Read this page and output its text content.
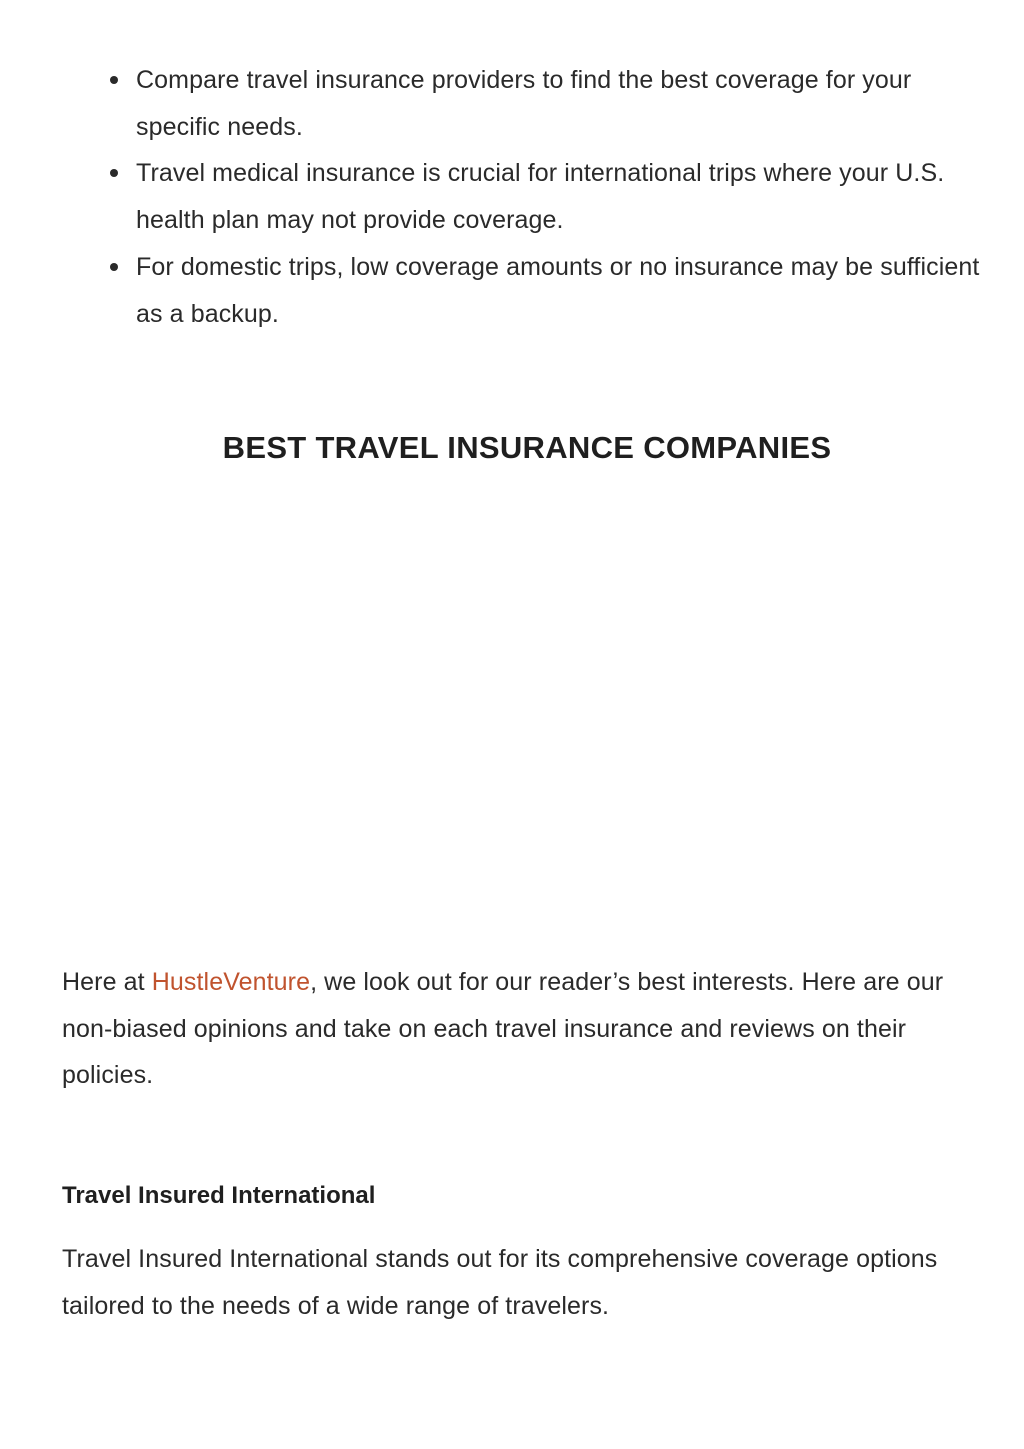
Compare travel insurance providers to find the best coverage for your specific needs.
Travel medical insurance is crucial for international trips where your U.S. health plan may not provide coverage.
For domestic trips, low coverage amounts or no insurance may be sufficient as a backup.
BEST TRAVEL INSURANCE COMPANIES

Here at HustleVenture, we look out for our reader’s best interests. Here are our non-biased opinions and take on each travel insurance and reviews on their policies.

Travel Insured International

Travel Insured International stands out for its comprehensive coverage options tailored to the needs of a wide range of travelers.
